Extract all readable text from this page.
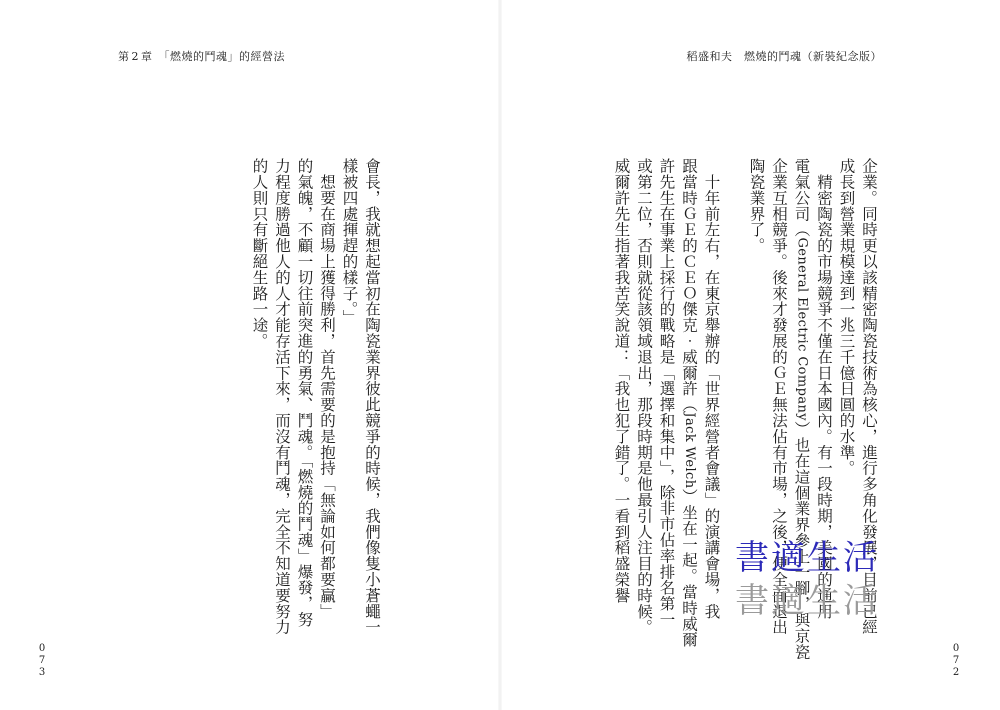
第 2 章　「燃燒的鬥魂」的經營法	稻盛和夫　燃燒的鬥魂（新裝紀念版）
0
7
3
0
7
2
企業。同時更以該精密陶瓷技術為核心，進行多角化發展，目前已經
成長到營業規模達到一兆三千億日圓的水準。
　精密陶瓷的市場競爭不僅在日本國內。有一段時期，美國的通用
電氣公司（General Electric Company）也在這個業界參上一腳，與京瓷
企業互相競爭。後來才發展的ＧＥ無法佔有市場，之後，便全面退出
陶瓷業界了。

　十年前左右，在東京舉辦的「世界經營者會議」的演講會場，我
跟當時ＧＥ的ＣＥＯ傑克‧威爾許（Jack Welch）坐在一起。當時威爾
許先生在事業上採行的戰略是「選擇和集中」，除非市佔率排名第一
或第二位，否則就從該領域退出，那段時期是他最引人注目的時候。
威爾許先生指著我苦笑說道：「我也犯了錯了。一看到稻盛榮譽
會長，我就想起當初在陶瓷業界彼此競爭的時候，我們像隻小蒼蠅一
樣被四處揮趕的樣子。」
　想要在商場上獲得勝利，首先需要的是抱持「無論如何都要贏」
的氣魄，不顧一切往前突進的勇氣、鬥魂。「燃燒的鬥魂」爆發，努
力程度勝過他人的人才能存活下來，而沒有鬥魂，完全不知道要努力
的人則只有斷絕生路一途。
書適生活
書適生活
